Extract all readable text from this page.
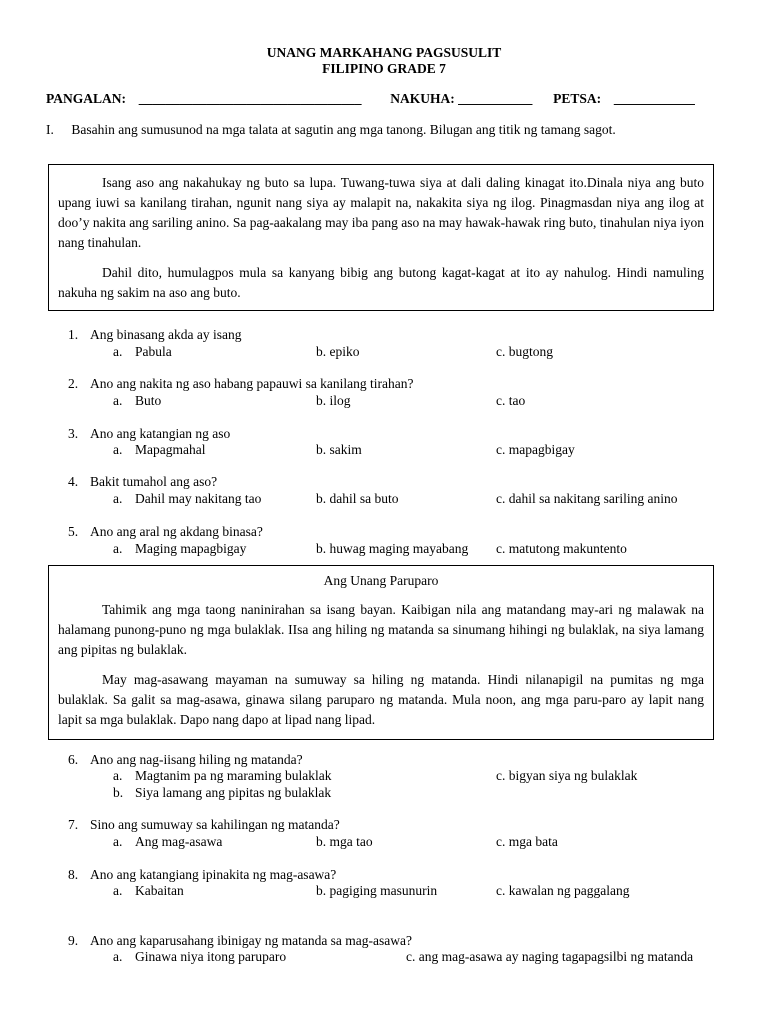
UNANG MARKAHANG PAGSUSULIT
FILIPINO GRADE 7
PANGALAN: _________________________________ NAKUHA: ___________ PETSA: ____________
I. Basahin ang sumusunod na mga talata at sagutin ang mga tanong. Bilugan ang titik ng tamang sagot.

Isang aso ang nakahukay ng buto sa lupa. Tuwang-tuwa siya at dali daling kinagat ito.Dinala niya ang buto upang iuwi sa kanilang tirahan, ngunit nang siya ay malapit na, nakakita siya ng ilog. Pinagmasdan niya ang ilog at doo’y nakita ang sariling anino. Sa pag-aakalang may iba pang aso na may hawak-hawak ring buto, tinahulan niya iyon nang tinahulan.

Dahil dito, humulagpos mula sa kanyang bibig ang butong kagat-kagat at ito ay nahulog. Hindi namuling nakuha ng sakim na aso ang buto.

1. Ang binasang akda ay isang
a. Pabula	b. epiko	c. bugtong
2. Ano ang nakita ng aso habang papauwi sa kanilang tirahan?
a. Buto	b. ilog	c. tao
3. Ano ang katangian ng aso
a. Mapagmahal	b. sakim	c. mapagbigay
4. Bakit tumahol ang aso?
a. Dahil may nakitang tao	b. dahil sa buto	c. dahil sa nakitang sariling anino
5. Ano ang aral ng akdang binasa?
a. Maging mapagbigay	b. huwag maging mayabang c. matutong makuntento

Ang Unang Paruparo

Tahimik ang mga taong naninirahan sa isang bayan. Kaibigan nila ang matandang may-ari ng malawak na halamang punong-puno ng mga bulaklak. IIsa ang hiling ng matanda sa sinumang hihingi ng bulaklak, na siya lamang ang pipitas ng bulaklak.

May mag-asawang mayaman na sumuway sa hiling ng matanda. Hindi nilanapigil na pumitas ng mga bulaklak. Sa galit sa mag-asawa, ginawa silang paruparo ng matanda. Mula noon, ang mga paru-paro ay lapit nang lapit sa mga bulaklak. Dapo nang dapo at lipad nang lipad.

6. Ano ang nag-iisang hiling ng matanda?
a. Magtanim pa ng maraming bulaklak	c. bigyan siya ng bulaklak
b. Siya lamang ang pipitas ng bulaklak
7. Sino ang sumuway sa kahilingan ng matanda?
a. Ang mag-asawa	b. mga tao	c. mga bata
8. Ano ang katangiang ipinakita ng mag-asawa?
a. Kabaitan	b. pagiging masunurin	c. kawalan ng paggalang
9. Ano ang kaparusahang ibinigay ng matanda sa mag-asawa?
a. Ginawa niya itong paruparo	c. ang mag-asawa ay naging tagapagsilbi ng matanda
